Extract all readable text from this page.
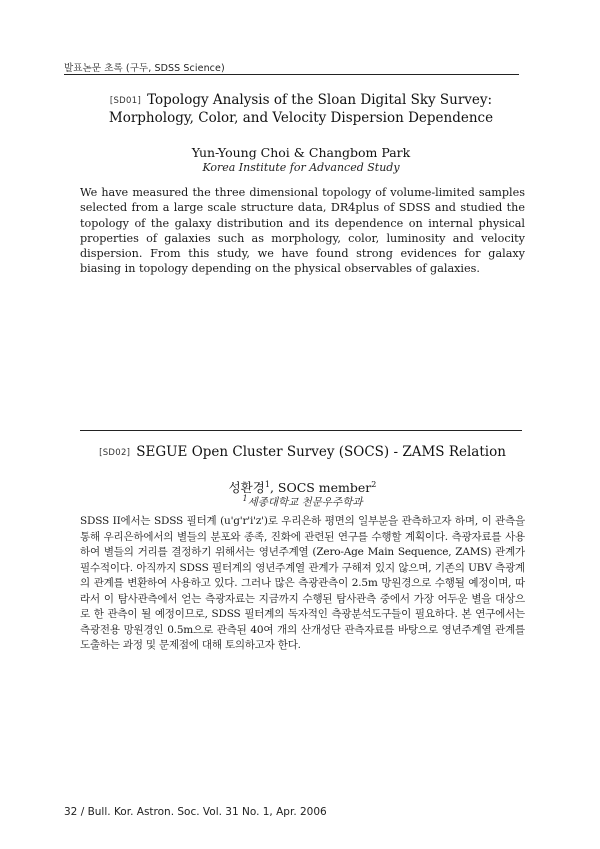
발표논문 초록 (구두, SDSS Science)
[SD01] Topology Analysis of the Sloan Digital Sky Survey: Morphology, Color, and Velocity Dispersion Dependence
Yun-Young Choi & Changbom Park
Korea Institute for Advanced Study
We have measured the three dimensional topology of volume-limited samples selected from a large scale structure data, DR4plus of SDSS and studied the topology of the galaxy distribution and its dependence on internal physical properties of galaxies such as morphology, color, luminosity and velocity dispersion. From this study, we have found strong evidences for galaxy biasing in topology depending on the physical observables of galaxies.
[SD02] SEGUE Open Cluster Survey (SOCS) - ZAMS Relation
성환경$^1$, SOCS member$^2$
$^1$세종대학교 천문우주학과
SDSS II에서는 SDSS 필터계 (u'g'r'i'z')로 우리은하 평면의 일부분을 관측하고자 하며, 이 관측을 통해 우리은하에서의 별들의 분포와 종족, 진화에 관련된 연구를 수행할 계획이다. 측광자료를 사용하여 별들의 거리를 결정하기 위해서는 영년주계열 (Zero-Age Main Sequence, ZAMS) 관계가 필수적이다. 아직까지 SDSS 필터계의 영년주계열 관계가 구해져 있지 않으며, 기존의 UBV 측광계의 관계를 변환하여 사용하고 있다. 그러나 많은 측광관측이 2.5m 망원경으로 수행될 예정이며, 따라서 이 탐사관측에서 얻는 측광자료는 지금까지 수행된 탐사관측 중에서 가장 어두운 별을 대상으로 한 관측이 될 예정이므로, SDSS 필터계의 독자적인 측광분석도구들이 필요하다. 본 연구에서는 측광전용 망원경인 0.5m으로 관측된 40여 개의 산개성단 관측자료를 바탕으로 영년주계열 관계를 도출하는 과정 및 문제점에 대해 토의하고자 한다.
32 / Bull. Kor. Astron. Soc. Vol. 31 No. 1, Apr. 2006
